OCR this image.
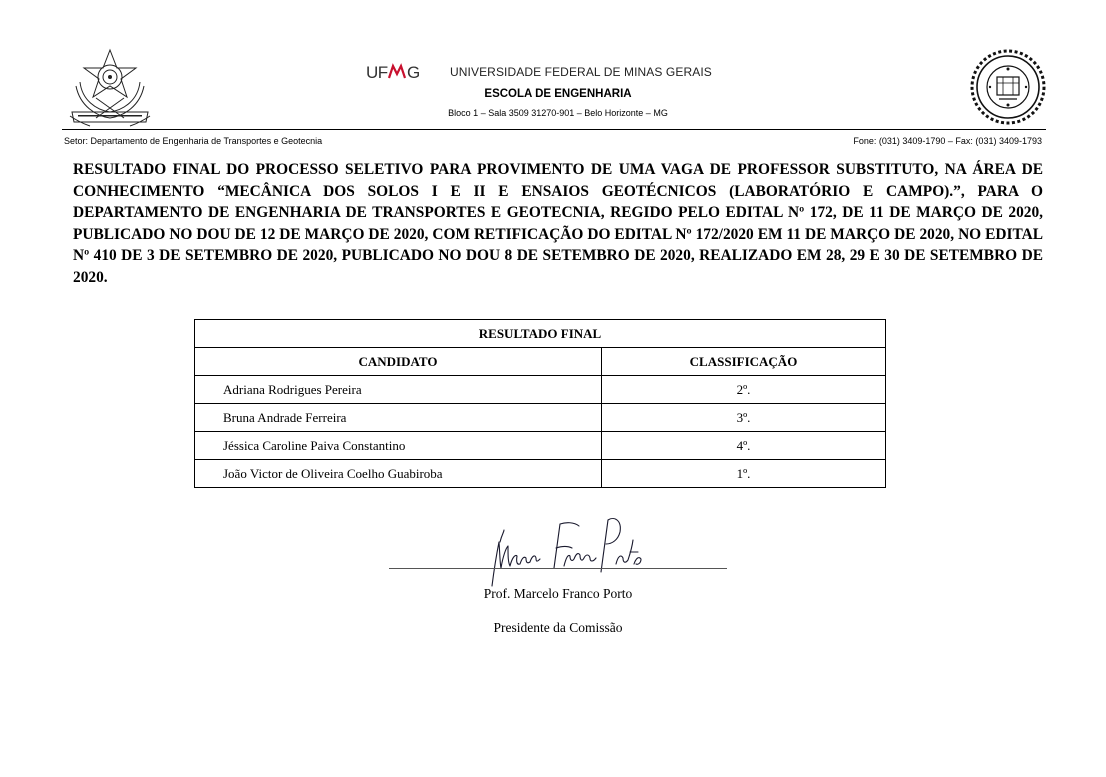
UF G UNIVERSIDADE FEDERAL DE MINAS GERAIS
ESCOLA DE ENGENHARIA
Bloco 1 – Sala 3509 31270-901 – Belo Horizonte – MG
Setor: Departamento de Engenharia de Transportes e Geotecnia	Fone: (031) 3409-1790 – Fax: (031) 3409-1793

RESULTADO FINAL DO PROCESSO SELETIVO PARA PROVIMENTO DE UMA VAGA DE PROFESSOR SUBSTITUTO, NA ÁREA DE CONHECIMENTO “MECÂNICA DOS SOLOS I E II E ENSAIOS GEOTÉCNICOS (LABORATÓRIO E CAMPO).”, PARA O DEPARTAMENTO DE ENGENHARIA DE TRANSPORTES E GEOTECNIA, REGIDO PELO EDITAL Nº 172, DE 11 DE MARÇO DE 2020, PUBLICADO NO DOU DE 12 DE MARÇO DE 2020, COM RETIFICAÇÃO DO EDITAL Nº 172/2020 EM 11 DE MARÇO DE 2020, NO EDITAL Nº 410 DE 3 DE SETEMBRO DE 2020, PUBLICADO NO DOU 8 DE SETEMBRO DE 2020, REALIZADO EM 28, 29 E 30 DE SETEMBRO DE 2020.

RESULTADO FINAL	
CANDIDATO	CLASSIFICAÇÃO
Adriana Rodrigues Pereira	2º.
Bruna Andrade Ferreira	3º.
Jéssica Caroline Paiva Constantino	4º.
João Victor de Oliveira Coelho Guabiroba	1º.
Prof. Marcelo Franco Porto
Presidente da Comissão
